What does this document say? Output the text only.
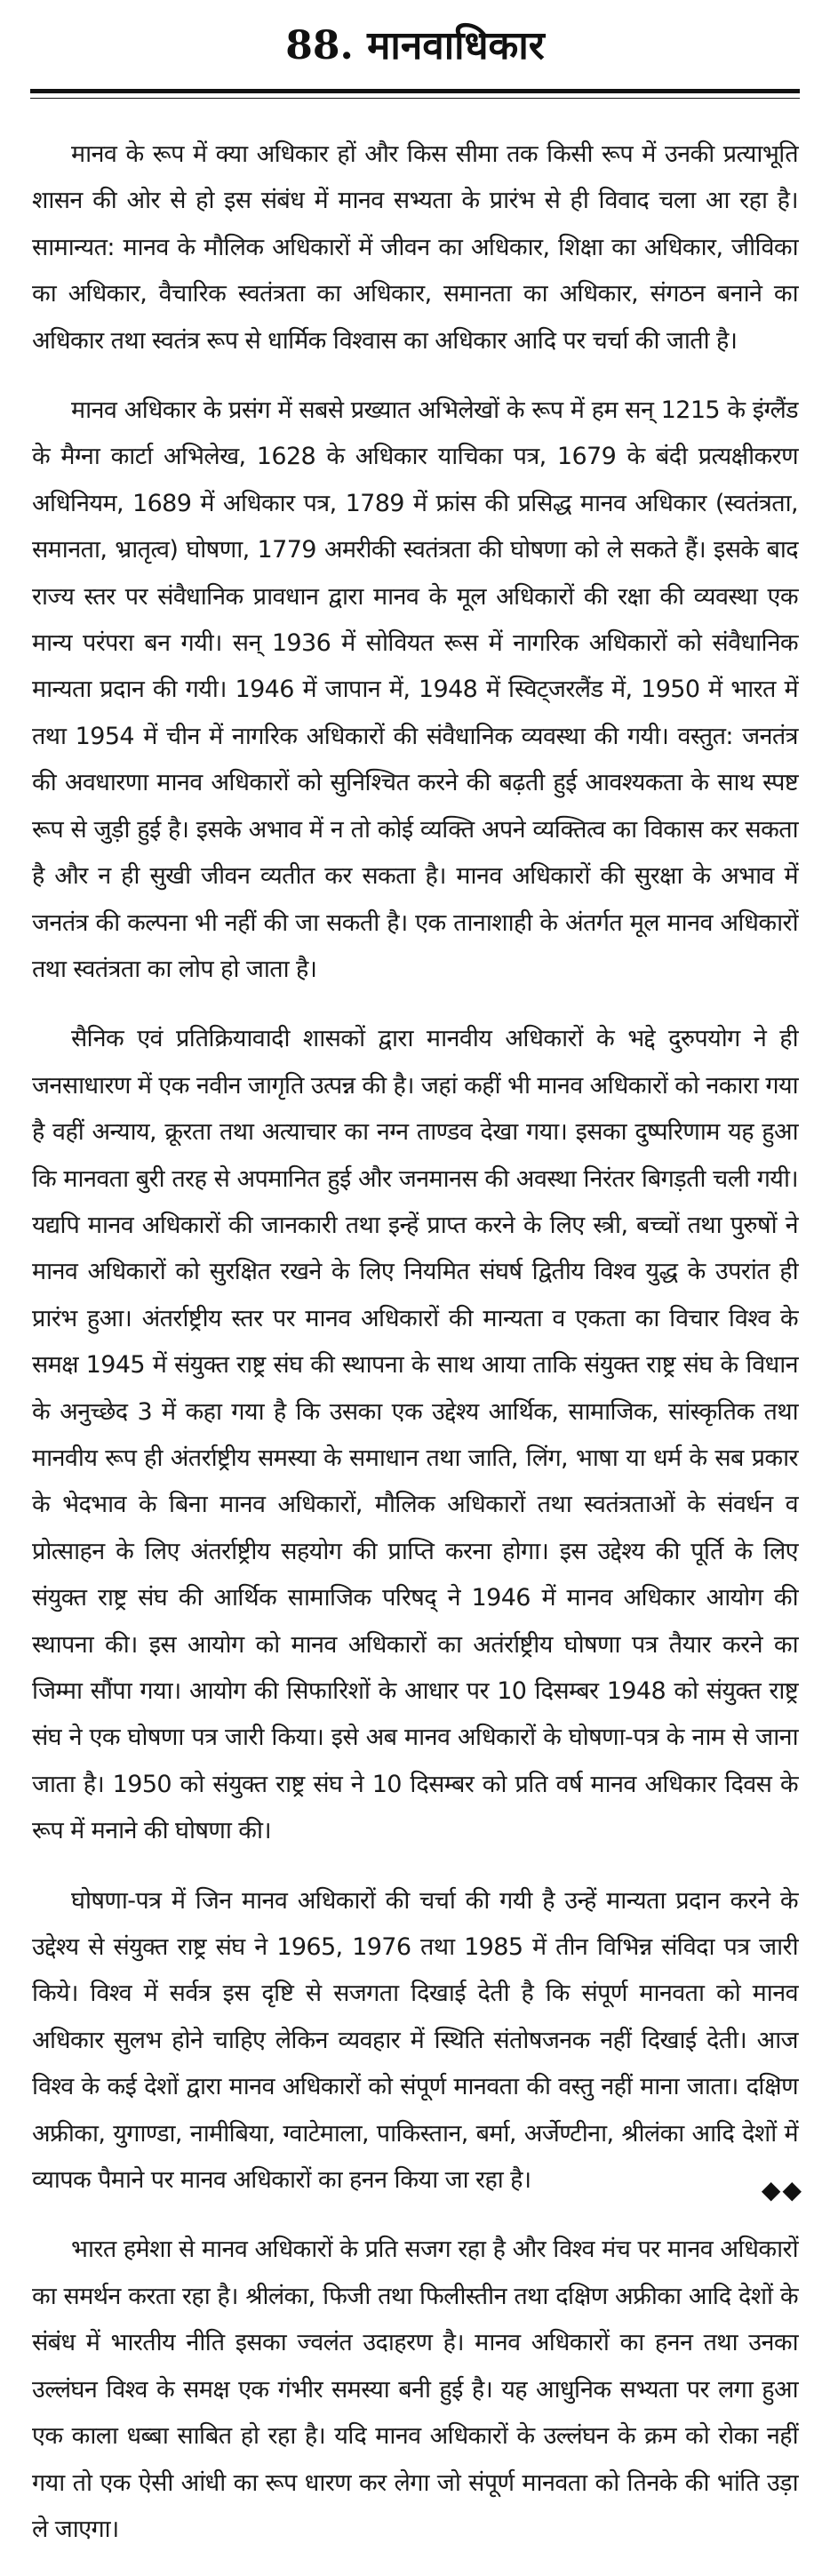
88. मानवाधिकार

मानव के रूप में क्या अधिकार हों और किस सीमा तक किसी रूप में उनकी प्रत्याभूति शासन की ओर से हो इस संबंध में मानव सभ्यता के प्रारंभ से ही विवाद चला आ रहा है। सामान्यत: मानव के मौलिक अधिकारों में जीवन का अधिकार, शिक्षा का अधिकार, जीविका का अधिकार, वैचारिक स्वतंत्रता का अधिकार, समानता का अधिकार, संगठन बनाने का अधिकार तथा स्वतंत्र रूप से धार्मिक विश्वास का अधिकार आदि पर चर्चा की जाती है।

मानव अधिकार के प्रसंग में सबसे प्रख्यात अभिलेखों के रूप में हम सन् 1215 के इंग्लैंड के मैग्ना कार्टा अभिलेख, 1628 के अधिकार याचिका पत्र, 1679 के बंदी प्रत्यक्षीकरण अधिनियम, 1689 में अधिकार पत्र, 1789 में फ्रांस की प्रसिद्ध मानव अधिकार (स्वतंत्रता, समानता, भ्रातृत्व) घोषणा, 1779 अमरीकी स्वतंत्रता की घोषणा को ले सकते हैं। इसके बाद राज्य स्तर पर संवैधानिक प्रावधान द्वारा मानव के मूल अधिकारों की रक्षा की व्यवस्था एक मान्य परंपरा बन गयी। सन् 1936 में सोवियत रूस में नागरिक अधिकारों को संवैधानिक मान्यता प्रदान की गयी। 1946 में जापान में, 1948 में स्विट्जरलैंड में, 1950 में भारत में तथा 1954 में चीन में नागरिक अधिकारों की संवैधानिक व्यवस्था की गयी। वस्तुत: जनतंत्र की अवधारणा मानव अधिकारों को सुनिश्चित करने की बढ़ती हुई आवश्यकता के साथ स्पष्ट रूप से जुड़ी हुई है। इसके अभाव में न तो कोई व्यक्ति अपने व्यक्तित्व का विकास कर सकता है और न ही सुखी जीवन व्यतीत कर सकता है। मानव अधिकारों की सुरक्षा के अभाव में जनतंत्र की कल्पना भी नहीं की जा सकती है। एक तानाशाही के अंतर्गत मूल मानव अधिकारों तथा स्वतंत्रता का लोप हो जाता है।

सैनिक एवं प्रतिक्रियावादी शासकों द्वारा मानवीय अधिकारों के भद्दे दुरुपयोग ने ही जनसाधारण में एक नवीन जागृति उत्पन्न की है। जहां कहीं भी मानव अधिकारों को नकारा गया है वहीं अन्याय, क्रूरता तथा अत्याचार का नग्न ताण्डव देखा गया। इसका दुष्परिणाम यह हुआ कि मानवता बुरी तरह से अपमानित हुई और जनमानस की अवस्था निरंतर बिगड़ती चली गयी। यद्यपि मानव अधिकारों की जानकारी तथा इन्हें प्राप्त करने के लिए स्त्री, बच्चों तथा पुरुषों ने मानव अधिकारों को सुरक्षित रखने के लिए नियमित संघर्ष द्वितीय विश्व युद्ध के उपरांत ही प्रारंभ हुआ। अंतर्राष्ट्रीय स्तर पर मानव अधिकारों की मान्यता व एकता का विचार विश्व के समक्ष 1945 में संयुक्त राष्ट्र संघ की स्थापना के साथ आया ताकि संयुक्त राष्ट्र संघ के विधान के अनुच्छेद 3 में कहा गया है कि उसका एक उद्देश्य आर्थिक, सामाजिक, सांस्कृतिक तथा मानवीय रूप ही अंतर्राष्ट्रीय समस्या के समाधान तथा जाति, लिंग, भाषा या धर्म के सब प्रकार के भेदभाव के बिना मानव अधिकारों, मौलिक अधिकारों तथा स्वतंत्रताओं के संवर्धन व प्रोत्साहन के लिए अंतर्राष्ट्रीय सहयोग की प्राप्ति करना होगा। इस उद्देश्य की पूर्ति के लिए संयुक्त राष्ट्र संघ की आर्थिक सामाजिक परिषद् ने 1946 में मानव अधिकार आयोग की स्थापना की। इस आयोग को मानव अधिकारों का अतंर्राष्ट्रीय घोषणा पत्र तैयार करने का जिम्मा सौंपा गया। आयोग की सिफारिशों के आधार पर 10 दिसम्बर 1948 को संयुक्त राष्ट्र संघ ने एक घोषणा पत्र जारी किया। इसे अब मानव अधिकारों के घोषणा-पत्र के नाम से जाना जाता है। 1950 को संयुक्त राष्ट्र संघ ने 10 दिसम्बर को प्रति वर्ष मानव अधिकार दिवस के रूप में मनाने की घोषणा की।

घोषणा-पत्र में जिन मानव अधिकारों की चर्चा की गयी है उन्हें मान्यता प्रदान करने के उद्देश्य से संयुक्त राष्ट्र संघ ने 1965, 1976 तथा 1985 में तीन विभिन्न संविदा पत्र जारी किये। विश्व में सर्वत्र इस दृष्टि से सजगता दिखाई देती है कि संपूर्ण मानवता को मानव अधिकार सुलभ होने चाहिए लेकिन व्यवहार में स्थिति संतोषजनक नहीं दिखाई देती। आज विश्व के कई देशों द्वारा मानव अधिकारों को संपूर्ण मानवता की वस्तु नहीं माना जाता। दक्षिण अफ्रीका, युगाण्डा, नामीबिया, ग्वाटेमाला, पाकिस्तान, बर्मा, अर्जेण्टीना, श्रीलंका आदि देशों में व्यापक पैमाने पर मानव अधिकारों का हनन किया जा रहा है।

भारत हमेशा से मानव अधिकारों के प्रति सजग रहा है और विश्व मंच पर मानव अधिकारों का समर्थन करता रहा है। श्रीलंका, फिजी तथा फिलीस्तीन तथा दक्षिण अफ्रीका आदि देशों के संबंध में भारतीय नीति इसका ज्वलंत उदाहरण है। मानव अधिकारों का हनन तथा उनका उल्लंघन विश्व के समक्ष एक गंभीर समस्या बनी हुई है। यह आधुनिक सभ्यता पर लगा हुआ एक काला धब्बा साबित हो रहा है। यदि मानव अधिकारों के उल्लंघन के क्रम को रोका नहीं गया तो एक ऐसी आंधी का रूप धारण कर लेगा जो संपूर्ण मानवता को तिनके की भांति उड़ा ले जाएगा।

◆◆
